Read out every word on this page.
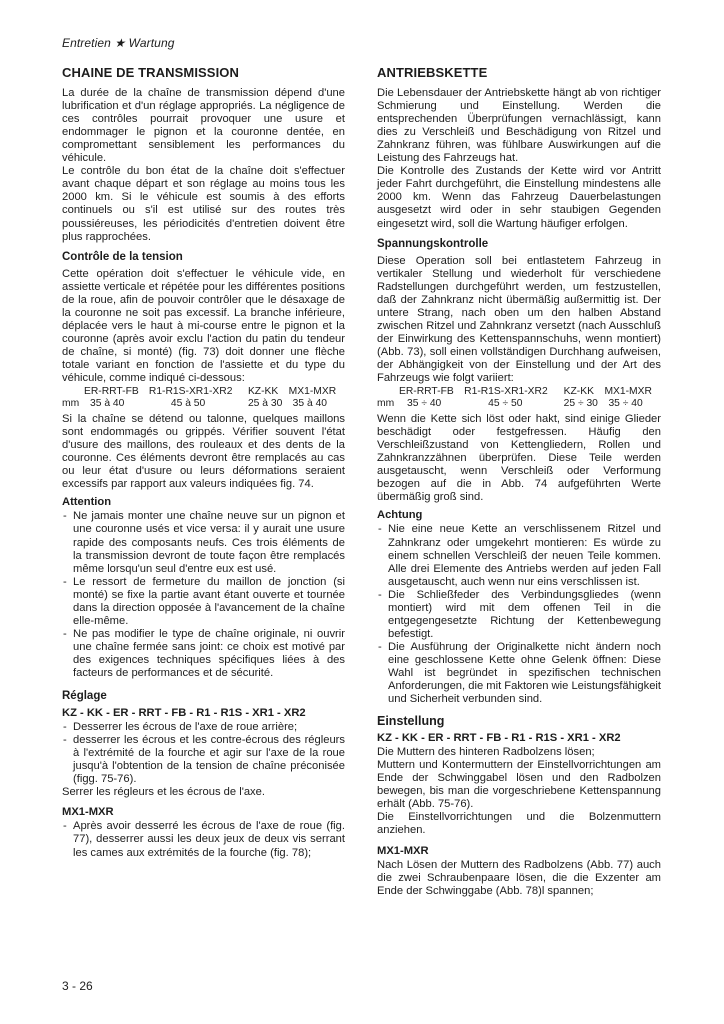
Entretien ★ Wartung
CHAINE DE TRANSMISSION

La durée de la chaîne de transmission dépend d'une lubrification et d'un réglage appropriés. La négligence de ces contrôles pourrait provoquer une usure et endommager le pignon et la couronne dentée, en compromettant sensiblement les performances du véhicule.

Le contrôle du bon état de la chaîne doit s'effectuer avant chaque départ et son réglage au moins tous les 2000 km. Si le véhicule est soumis à des efforts continuels ou s'il est utilisé sur des routes très poussiéreuses, les périodicités d'entretien doivent être plus rapprochées.

Contrôle de la tension

Cette opération doit s'effectuer le véhicule vide, en assiette verticale et répétée pour les différentes positions de la roue, afin de pouvoir contrôler que le désaxage de la couronne ne soit pas excessif. La branche inférieure, déplacée vers le haut à mi-course entre le pignon et la couronne (après avoir exclu l'action du patin du tendeur de chaîne, si monté) (fig. 73) doit donner une flèche totale variant en fonction de l'assiette et du type du véhicule, comme indiqué ci-dessous:

	ER-RRT-FB	R1-R1S-XR1-XR2	KZ-KK	MX1-MXR
mm	35 à 40	45 à 50	25 à 30	35 à 40

Si la chaîne se détend ou talonne, quelques maillons sont endommagés ou grippés. Vérifier souvent l'état d'usure des maillons, des rouleaux et des dents de la couronne. Ces éléments devront être remplacés au cas ou leur état d'usure ou leurs déformations seraient excessifs par rapport aux valeurs indiquées fig. 74.

Attention
- Ne jamais monter une chaîne neuve sur un pignon et une couronne usés et vice versa: il y aurait une usure rapide des composants neufs. Ces trois éléments de la transmission devront de toute façon être remplacés même lorsqu'un seul d'entre eux est usé.
- Le ressort de fermeture du maillon de jonction (si monté) se fixe la partie avant étant ouverte et tournée dans la direction opposée à l'avancement de la chaîne elle-même.
- Ne pas modifier le type de chaîne originale, ni ouvrir une chaîne fermée sans joint: ce choix est motivé par des exigences techniques spécifiques liées à des facteurs de performances et de sécurité.
Réglage
KZ - KK - ER - RRT - FB - R1 - R1S - XR1 - XR2
- Desserrer les écrous de l'axe de roue arrière;
- desserrer les écrous et les contre-écrous des régleurs à l'extrémité de la fourche et agir sur l'axe de la roue jusqu'à l'obtention de la tension de chaîne préconisée (figg. 75-76).

Serrer les régleurs et les écrous de l'axe.

MX1-MXR
- Après avoir desserré les écrous de l'axe de roue (fig. 77), desserrer aussi les deux jeux de deux vis serrant les cames aux extrémités de la fourche (fig. 78);
ANTRIEBSKETTE

Die Lebensdauer der Antriebskette hängt ab von richtiger Schmierung und Einstellung. Werden die entsprechenden Überprüfungen vernachlässigt, kann dies zu Verschleiß und Beschädigung von Ritzel und Zahnkranz führen, was fühlbare Auswirkungen auf die Leistung des Fahrzeugs hat.

Die Kontrolle des Zustands der Kette wird vor Antritt jeder Fahrt durchgeführt, die Einstellung mindestens alle 2000 km. Wenn das Fahrzeug Dauerbelastungen ausgesetzt wird oder in sehr staubigen Gegenden eingesetzt wird, soll die Wartung häufiger erfolgen.

Spannungskontrolle

Diese Operation soll bei entlastetem Fahrzeug in vertikaler Stellung und wiederholt für verschiedene Radstellungen durchgeführt werden, um festzustellen, daß der Zahnkranz nicht übermäßig außermittig ist. Der untere Strang, nach oben um den halben Abstand zwischen Ritzel und Zahnkranz versetzt (nach Ausschluß der Einwirkung des Kettenspannschuhs, wenn montiert) (Abb. 73), soll einen vollständigen Durchhang aufweisen, der Abhängigkeit von der Einstellung und der Art des Fahrzeugs wie folgt variiert:

	ER-RRT-FB	R1-R1S-XR1-XR2	KZ-KK	MX1-MXR
mm	35 ÷ 40	45 ÷ 50	25 ÷ 30	35 ÷ 40

Wenn die Kette sich löst oder hakt, sind einige Glieder beschädigt oder festgefressen. Häufig den Verschleißzustand von Kettengliedern, Rollen und Zahnkranzzähnen überprüfen. Diese Teile werden ausgetauscht, wenn Verschleiß oder Verformung bezogen auf die in Abb. 74 aufgeführten Werte übermäßig groß sind.

Achtung
- Nie eine neue Kette an verschlissenem Ritzel und Zahnkranz oder umgekehrt montieren: Es würde zu einem schnellen Verschleiß der neuen Teile kommen. Alle drei Elemente des Antriebs werden auf jeden Fall ausgetauscht, auch wenn nur eins verschlissen ist.
- Die Schließfeder des Verbindungsgliedes (wenn montiert) wird mit dem offenen Teil in die entgegengesetzte Richtung der Kettenbewegung befestigt.
- Die Ausführung der Originalkette nicht ändern noch eine geschlossene Kette ohne Gelenk öffnen: Diese Wahl ist begründet in spezifischen technischen Anforderungen, die mit Faktoren wie Leistungsfähigkeit und Sicherheit verbunden sind.
Einstellung
KZ - KK - ER - RRT - FB - R1 - R1S - XR1 - XR2

Die Muttern des hinteren Radbolzens lösen;

Muttern und Kontermuttern der Einstellvorrichtungen am Ende der Schwinggabel lösen und den Radbolzen bewegen, bis man die vorgeschriebene Kettenspannung erhält (Abb. 75-76).

Die Einstellvorrichtungen und die Bolzenmuttern anziehen.

MX1-MXR

Nach Lösen der Muttern des Radbolzens (Abb. 77) auch die zwei Schraubenpaare lösen, die die Exzenter am Ende der Schwinggabe (Abb. 78)l spannen;

3 - 26
